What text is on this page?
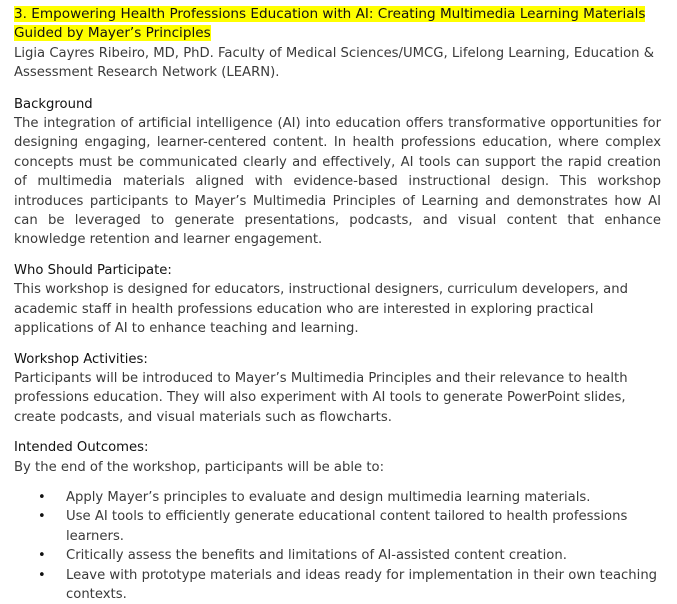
3. Empowering Health Professions Education with AI: Creating Multimedia Learning Materials Guided by Mayer’s Principles

Ligia Cayres Ribeiro, MD, PhD. Faculty of Medical Sciences/UMCG, Lifelong Learning, Education & Assessment Research Network (LEARN).

Background

The integration of artificial intelligence (AI) into education offers transformative opportunities for designing engaging, learner-centered content. In health professions education, where complex concepts must be communicated clearly and effectively, AI tools can support the rapid creation of multimedia materials aligned with evidence-based instructional design. This workshop introduces participants to Mayer’s Multimedia Principles of Learning and demonstrates how AI can be leveraged to generate presentations, podcasts, and visual content that enhance knowledge retention and learner engagement.

Who Should Participate:

This workshop is designed for educators, instructional designers, curriculum developers, and academic staff in health professions education who are interested in exploring practical applications of AI to enhance teaching and learning.

Workshop Activities:

Participants will be introduced to Mayer’s Multimedia Principles and their relevance to health professions education. They will also experiment with AI tools to generate PowerPoint slides, create podcasts, and visual materials such as flowcharts.

Intended Outcomes:

By the end of the workshop, participants will be able to:

• Apply Mayer’s principles to evaluate and design multimedia learning materials.
• Use AI tools to efficiently generate educational content tailored to health professions learners.
• Critically assess the benefits and limitations of AI-assisted content creation.
• Leave with prototype materials and ideas ready for implementation in their own teaching contexts.
